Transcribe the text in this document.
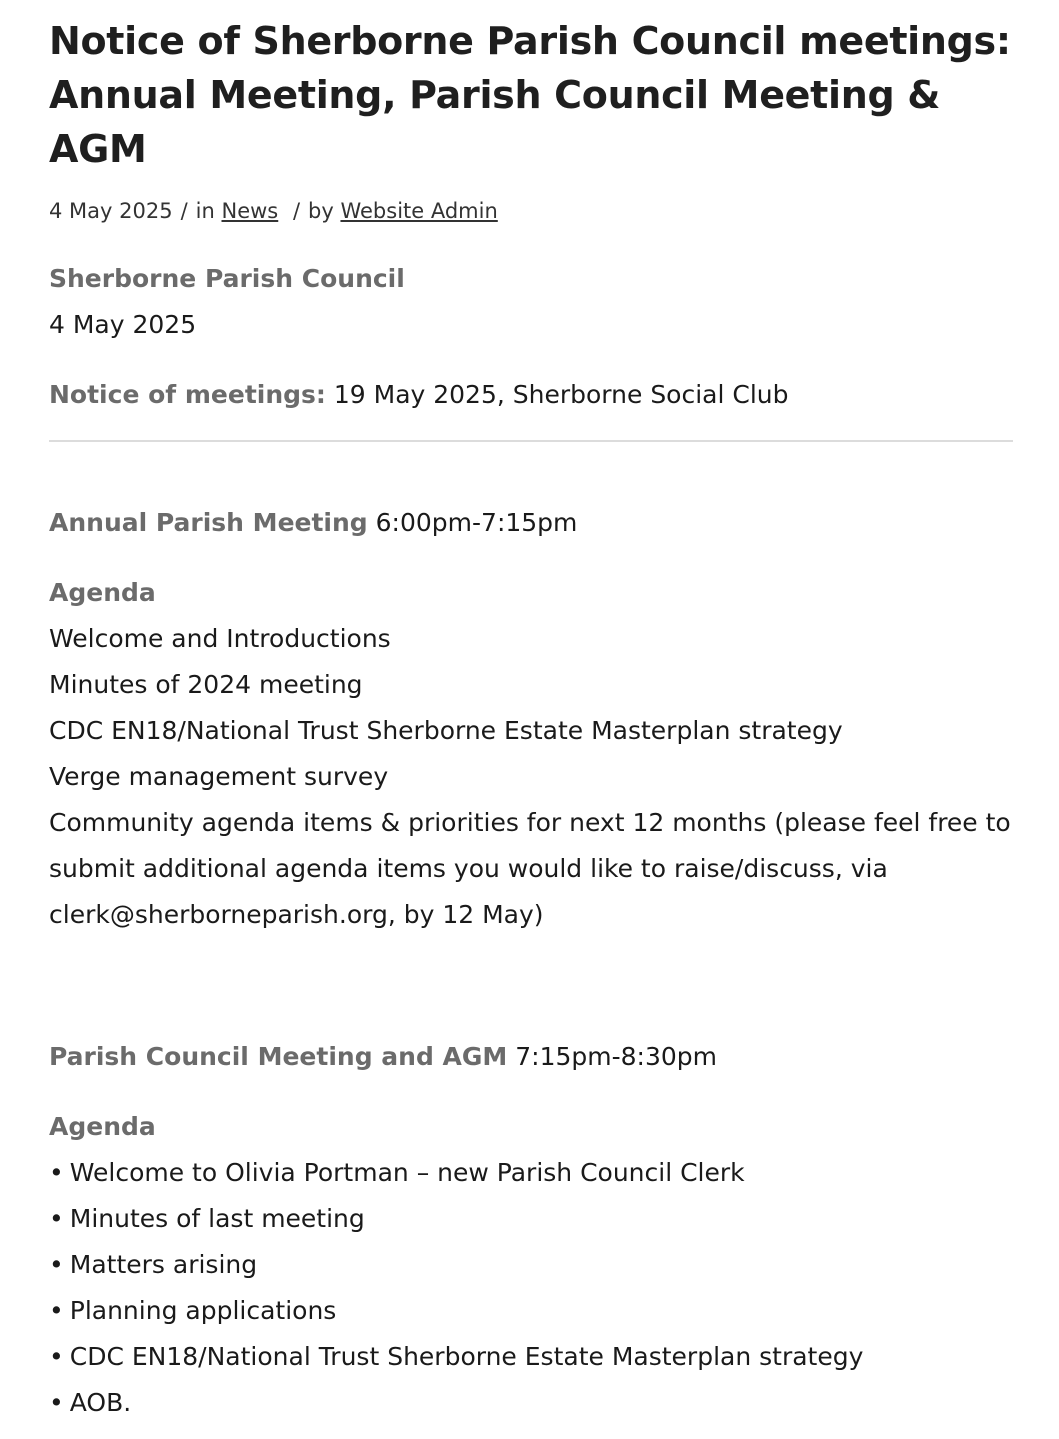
Notice of Sherborne Parish Council meetings: Annual Meeting, Parish Council Meeting & AGM
4 May 2025 / in News / by Website Admin
Sherborne Parish Council
4 May 2025
Notice of meetings: 19 May 2025, Sherborne Social Club
Annual Parish Meeting 6:00pm-7:15pm
Agenda
Welcome and Introductions
Minutes of 2024 meeting
CDC EN18/National Trust Sherborne Estate Masterplan strategy
Verge management survey
Community agenda items & priorities for next 12 months (please feel free to submit additional agenda items you would like to raise/discuss, via clerk@sherborneparish.org, by 12 May)
Parish Council Meeting and AGM 7:15pm-8:30pm
Agenda
• Welcome to Olivia Portman – new Parish Council Clerk
• Minutes of last meeting
• Matters arising
• Planning applications
• CDC EN18/National Trust Sherborne Estate Masterplan strategy
• AOB.
